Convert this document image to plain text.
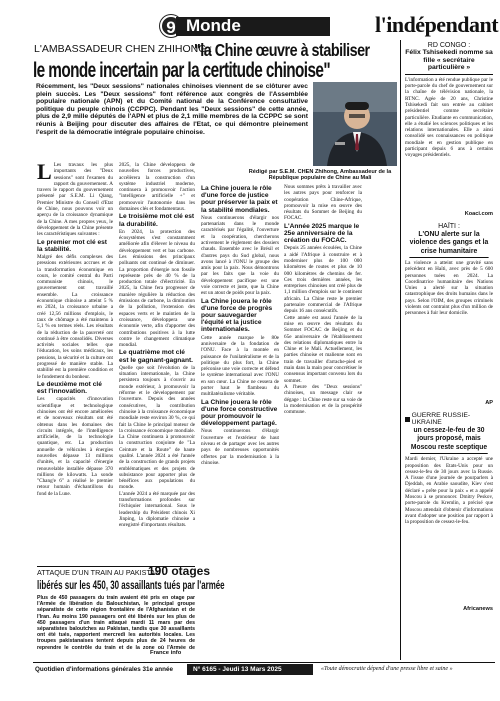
9 Monde	l'indépendant
L'AMBASSADEUR CHEN ZHIHONG :
"la Chine œuvre à stabiliser
le monde incertain par la certitude chinoise"
Récemment, les "Deux sessions" nationales chinoises viennent de se clôturer avec plein succès. Les "Deux sessions" font référence aux congrès de l'Assemblée populaire nationale (APN) et du Comité national de la Conférence consultative politique du peuple chinois (CCPPC). Pendant les "Deux sessions" de cette année, plus de 2,9 mille députés de l'APN et plus de 2,1 mille membres de la CCPPC se sont réunis à Beijing pour discuter des affaires de l'Etat, ce qui démontre pleinement l'esprit de la démocratie intégrale populaire chinoise.
Rédigé par S.E.M. CHEN Zhihong, Ambassadeur de la République populaire de Chine au Mali
L Les travaux les plus importants des "Deux sessions" sont l'examen du rapport du gouvernement. A travers le rapport du gouvernement présenté par S.E.M. Li Qiang, Premier Ministre du Conseil d'Etat de Chine, nous pouvons voir un aperçu de la croissance dynamique de la Chine. A mes propres yeux, le développement de la Chine présente les caractéristiques suivantes :
Le premier mot clé est la stabilité.
Malgré des défis complexes des pressions extérieures accrues et de la transformation économique en cours, le comité central du Parti communiste chinois, le gouvernement ont travaillé ensemble. La croissance économique chinoise a atteint 5 % en 2024, la croissance urbaine a créé 12,56 millions d'emplois, le taux de chômage a été maintenu à 5,1 % en termes réels. Les résultats de la réduction de la pauvreté ont continué à être consolidés. Diverses activités sociales telles que l'éducation, les soins médicaux, les pensions, la sécurité et la culture ont progressé de manière stable. La stabilité est la première condition et le fondement du bonheur.
Le deuxième mot clé est l'innovation.
Les capacités d'innovation scientifique et technologique chinoises ont été encore améliorées et de nouveaux résultats ont été obtenus dans les domaines des circuits intégrés, de l'intelligence artificielle, de la technologie quantique, etc. La production annuelle de véhicules à énergies nouvelles dépasse 13 millions d'unités, et la capacité d'énergie renouvelable installée dépasse 370 millions de kilowatts. La sonde "Chang'e 6" a réalisé le premier retour humain d'échantillons du fond de la Lune.
2025, la Chine développera de nouvelles forces productives, accélèrera la construction d'un système industriel moderne, continuera à promouvoir l'action "intelligence artificielle +" et promouvoir l'autonomie dans les domaines clés et fondamentaux.
Le troisième mot clé est la durabilité.
En 2024, la protection des écosystèmes s'est constamment améliorée afin d'élever le niveau du développement vert et bas carbone. Les émissions des principaux polluants ont continué de diminuer. La proportion d'énergie non fossile représente près de 40 % de la production totale d'électricité. En 2025, la Chine fera progresser de manière régulière la réduction des émissions de carbone, la diminution de la pollution, l'extension des espaces verts et le maintien de la croissance, développera une économie verte, afin d'apporter des contributions positives à la lutte contre le changement climatique mondial.
Le quatrième mot clé est le gagnant-gagnant.
Quelle que soit l'évolution de la situation internationale, la Chine persistera toujours à s'ouvrir au monde extérieur, à promouvoir la réforme et le développement par l'ouverture. Depuis des années consécutives, la contribution chinoise à la croissance économique mondiale reste environ 30 %, ce qui fait la Chine le principal moteur de la croissance économique mondiale. La Chine continuera à promouvoir la construction conjointe de "La Ceinture et la Route" de haute qualité. L'année 2024 a été l'année de la construction de grands projets emblématiques et des projets de subsistance pour apporter plus de bénéfices aux populations du monde.
L'année 2024 a été marquée par des transformations profondes sur l'échiquier international. Sous le leadership du Président chinois Xi Jinping, la diplomatie chinoise a enregistré d'importants résultats.
La Chine jouera le rôle d'une force de justice pour préserver la paix et la stabilité mondiales.
Nous continuerons d'élargir nos partenariats dans le monde caractérisés par l'égalité, l'ouverture et la coopération, chercherons activement le règlement des dossiers chauds. Ensemble avec le Brésil et d'autres pays du Sud global, nous avons lancé à l'ONU le groupe des amis pour la paix. Nous démontrons par les faits que la voie du développement pacifique est une voie correcte et juste, que la Chine est un atout de poids pour la paix.
La Chine jouera le rôle d'une force de progrès pour sauvegarder l'équité et la justice internationales.
Cette année marque le 80e anniversaire de la fondation de l'ONU. Face à la montée en puissance de l'unilatéralisme et de la politique du plus fort, la Chine préconise une voie correcte et défend le système international avec l'ONU en son cœur. La Chine ne cessera de porter haut le flambeau du multilatéralisme véritable.
La Chine jouera le rôle d'une force constructive pour promouvoir le développement partagé.
Nous continuerons d'élargir l'ouverture et l'extérieur de haut niveau et de partager avec les autres pays de nombreuses opportunités offertes par la modernisation à la chinoise.
Nous sommes prêts à travailler avec les autres pays pour renforcer la coopération Chine-Afrique, promouvoir la mise en œuvre des résultats du Sommet de Beijing du FOCAC.
L'Année 2025 marque le 25e anniversaire de la création du FOCAC.
Depuis 25 années écoulées, la Chine a aidé l'Afrique à construire et à moderniser plus de 100 000 kilomètres de routes et plus de 10 000 kilomètres de chemins de fer. Ces trois dernières années, les entreprises chinoises ont créé plus de 1,1 million d'emplois sur le continent africain. La Chine reste le premier partenaire commercial de l'Afrique depuis 16 ans consécutifs.
Cette année est aussi l'année de la mise en œuvre des résultats du Sommet FOCAC de Beijing et du 65e anniversaire de l'établissement des relations diplomatiques entre la Chine et le Mali. Actuellement, les parties chinoise et malienne sont en train de travailler d'arrache-pied et main dans la main pour concrétiser le consensus important convenu lors du sommet.
A l'heure des "Deux sessions" chinoises, un message clair se dégage : la Chine reste sur sa voie de la modernisation et de la prospérité commune.
RD CONGO :
Félix Tshisekedi nomme sa fille « secrétaire particulière »
L'information a été rendue publique par le porte-parole du chef de gouvernement sur la chaîne de télévision nationale, la RTNC. Agée de 20 ans, Christine Tshisekedi fait son entrée au cabinet présidentiel comme secrétaire particulière. Etudiante en communication, elle a étudié les sciences politiques et les relations internationales. Elle a ainsi consolidé ses connaissances en politique mondiale et en gestion publique en participant depuis 6 ans à certains voyages présidentiels.
Koaci.com
HAÏTI :
L'ONU alerte sur la violence des gangs et la crise humanitaire
La violence a atteint une gravité sans précédent en Haïti, avec près de 5 600 personnes tuées en 2024. La Coordinatrice humanitaire des Nations Unies a alerté sur la situation catastrophique des droits humains dans le pays. Selon l'OIM, des groupes criminels violents ont contraint plus d'un million de personnes à fuir leur domicile.
AP
GUERRE RUSSIE-UKRAINE
un cessez-le-feu de 30 jours proposé, mais Moscou reste sceptique
Mardi dernier, l'Ukraine a accepté une proposition des Etats-Unis pour un cessez-le-feu de 30 jours avec la Russie. A l'issue d'une journée de pourparlers à Djeddah, en Arabie saoudite, Kiev s'est déclaré « prête pour la paix » et a appelé Moscou à se prononcer. Dmitry Peskov, porte-parole du Kremlin, a précisé que Moscou attendait d'obtenir d'informations avant d'adopter une position par rapport à la proposition de cessez-le-feu.
Africanews
ATTAQUE D'UN TRAIN AU PAKISTAN :
190 otages
libérés sur les 450, 30 assaillants tués par l'armée
Plus de 450 passagers du train avaient été pris en otage par l'Armée de libération du Balouchistan, le principal groupe séparatiste de cette région frontalière de l'Afghanistan et de l'Iran. Au moins 190 passagers ont été libérés sur les plus de 450 passagers d'un train attaqué mardi 11 mars par des séparatistes baloutches au Pakistan, tandis que 30 assaillants ont été tués, rapportent mercredi les autorités locales. Les troupes pakistanaises tentent depuis plus de 24 heures de reprendre le contrôle du train et de la zone où l'Armée de
France info
Quotidien d'informations générales 31e année	N° 6165 - Jeudi 13 Mars 2025	«Toute démocratie dépend d'une presse libre et saine »
